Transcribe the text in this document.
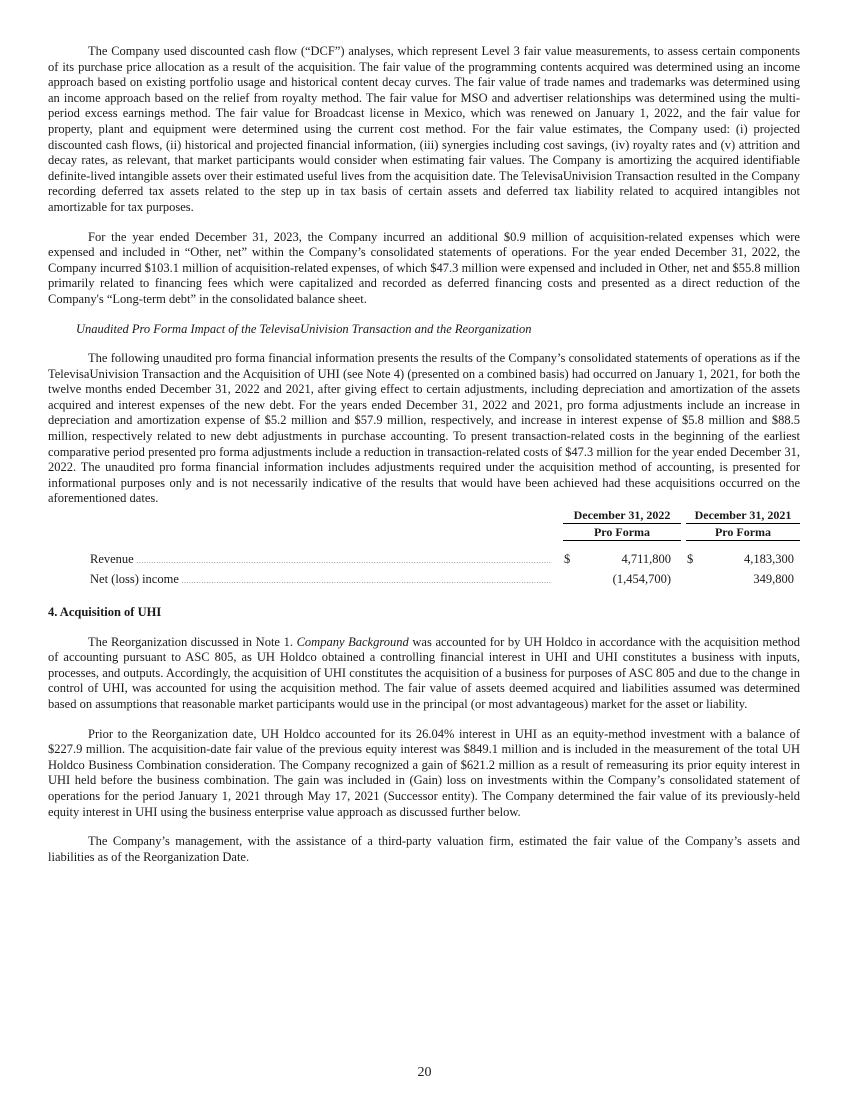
The Company used discounted cash flow (“DCF”) analyses, which represent Level 3 fair value measurements, to assess certain components of its purchase price allocation as a result of the acquisition. The fair value of the programming contents acquired was determined using an income approach based on existing portfolio usage and historical content decay curves. The fair value of trade names and trademarks was determined using an income approach based on the relief from royalty method. The fair value for MSO and advertiser relationships was determined using the multi-period excess earnings method. The fair value for Broadcast license in Mexico, which was renewed on January 1, 2022, and the fair value for property, plant and equipment were determined using the current cost method. For the fair value estimates, the Company used: (i) projected discounted cash flows, (ii) historical and projected financial information, (iii) synergies including cost savings, (iv) royalty rates and (v) attrition and decay rates, as relevant, that market participants would consider when estimating fair values. The Company is amortizing the acquired identifiable definite-lived intangible assets over their estimated useful lives from the acquisition date. The TelevisaUnivision Transaction resulted in the Company recording deferred tax assets related to the step up in tax basis of certain assets and deferred tax liability related to acquired intangibles not amortizable for tax purposes.

For the year ended December 31, 2023, the Company incurred an additional $0.9 million of acquisition-related expenses which were expensed and included in “Other, net” within the Company’s consolidated statements of operations. For the year ended December 31, 2022, the Company incurred $103.1 million of acquisition-related expenses, of which $47.3 million were expensed and included in Other, net and $55.8 million primarily related to financing fees which were capitalized and recorded as deferred financing costs and presented as a direct reduction of the Company's “Long-term debt” in the consolidated balance sheet.

Unaudited Pro Forma Impact of the TelevisaUnivision Transaction and the Reorganization

The following unaudited pro forma financial information presents the results of the Company’s consolidated statements of operations as if the TelevisaUnivision Transaction and the Acquisition of UHI (see Note 4) (presented on a combined basis) had occurred on January 1, 2021, for both the twelve months ended December 31, 2022 and 2021, after giving effect to certain adjustments, including depreciation and amortization of the assets acquired and interest expenses of the new debt. For the years ended December 31, 2022 and 2021, pro forma adjustments include an increase in depreciation and amortization expense of $5.2 million and $57.9 million, respectively, and increase in interest expense of $5.8 million and $88.5 million, respectively related to new debt adjustments in purchase accounting. To present transaction-related costs in the beginning of the earliest comparative period presented pro forma adjustments include a reduction in transaction-related costs of $47.3 million for the year ended December 31, 2022. The unaudited pro forma financial information includes adjustments required under the acquisition method of accounting, is presented for informational purposes only and is not necessarily indicative of the results that would have been achieved had these acquisitions occurred on the aforementioned dates.

December 31, 2022
Pro Forma
December 31, 2021
Pro Forma
Revenue .....	$	4,711,800 $	4,183,300
Net (loss) income .....	(1,454,700)	349,800
4. Acquisition of UHI

The Reorganization discussed in Note 1. Company Background was accounted for by UH Holdco in accordance with the acquisition method of accounting pursuant to ASC 805, as UH Holdco obtained a controlling financial interest in UHI and UHI constitutes a business with inputs, processes, and outputs. Accordingly, the acquisition of UHI constitutes the acquisition of a business for purposes of ASC 805 and due to the change in control of UHI, was accounted for using the acquisition method. The fair value of assets deemed acquired and liabilities assumed was determined based on assumptions that reasonable market participants would use in the principal (or most advantageous) market for the asset or liability.

Prior to the Reorganization date, UH Holdco accounted for its 26.04% interest in UHI as an equity-method investment with a balance of $227.9 million. The acquisition-date fair value of the previous equity interest was $849.1 million and is included in the measurement of the total UH Holdco Business Combination consideration. The Company recognized a gain of $621.2 million as a result of remeasuring its prior equity interest in UHI held before the business combination. The gain was included in (Gain) loss on investments within the Company’s consolidated statement of operations for the period January 1, 2021 through May 17, 2021 (Successor entity). The Company determined the fair value of its previously-held equity interest in UHI using the business enterprise value approach as discussed further below.

The Company’s management, with the assistance of a third-party valuation firm, estimated the fair value of the Company’s assets and liabilities as of the Reorganization Date.

20
